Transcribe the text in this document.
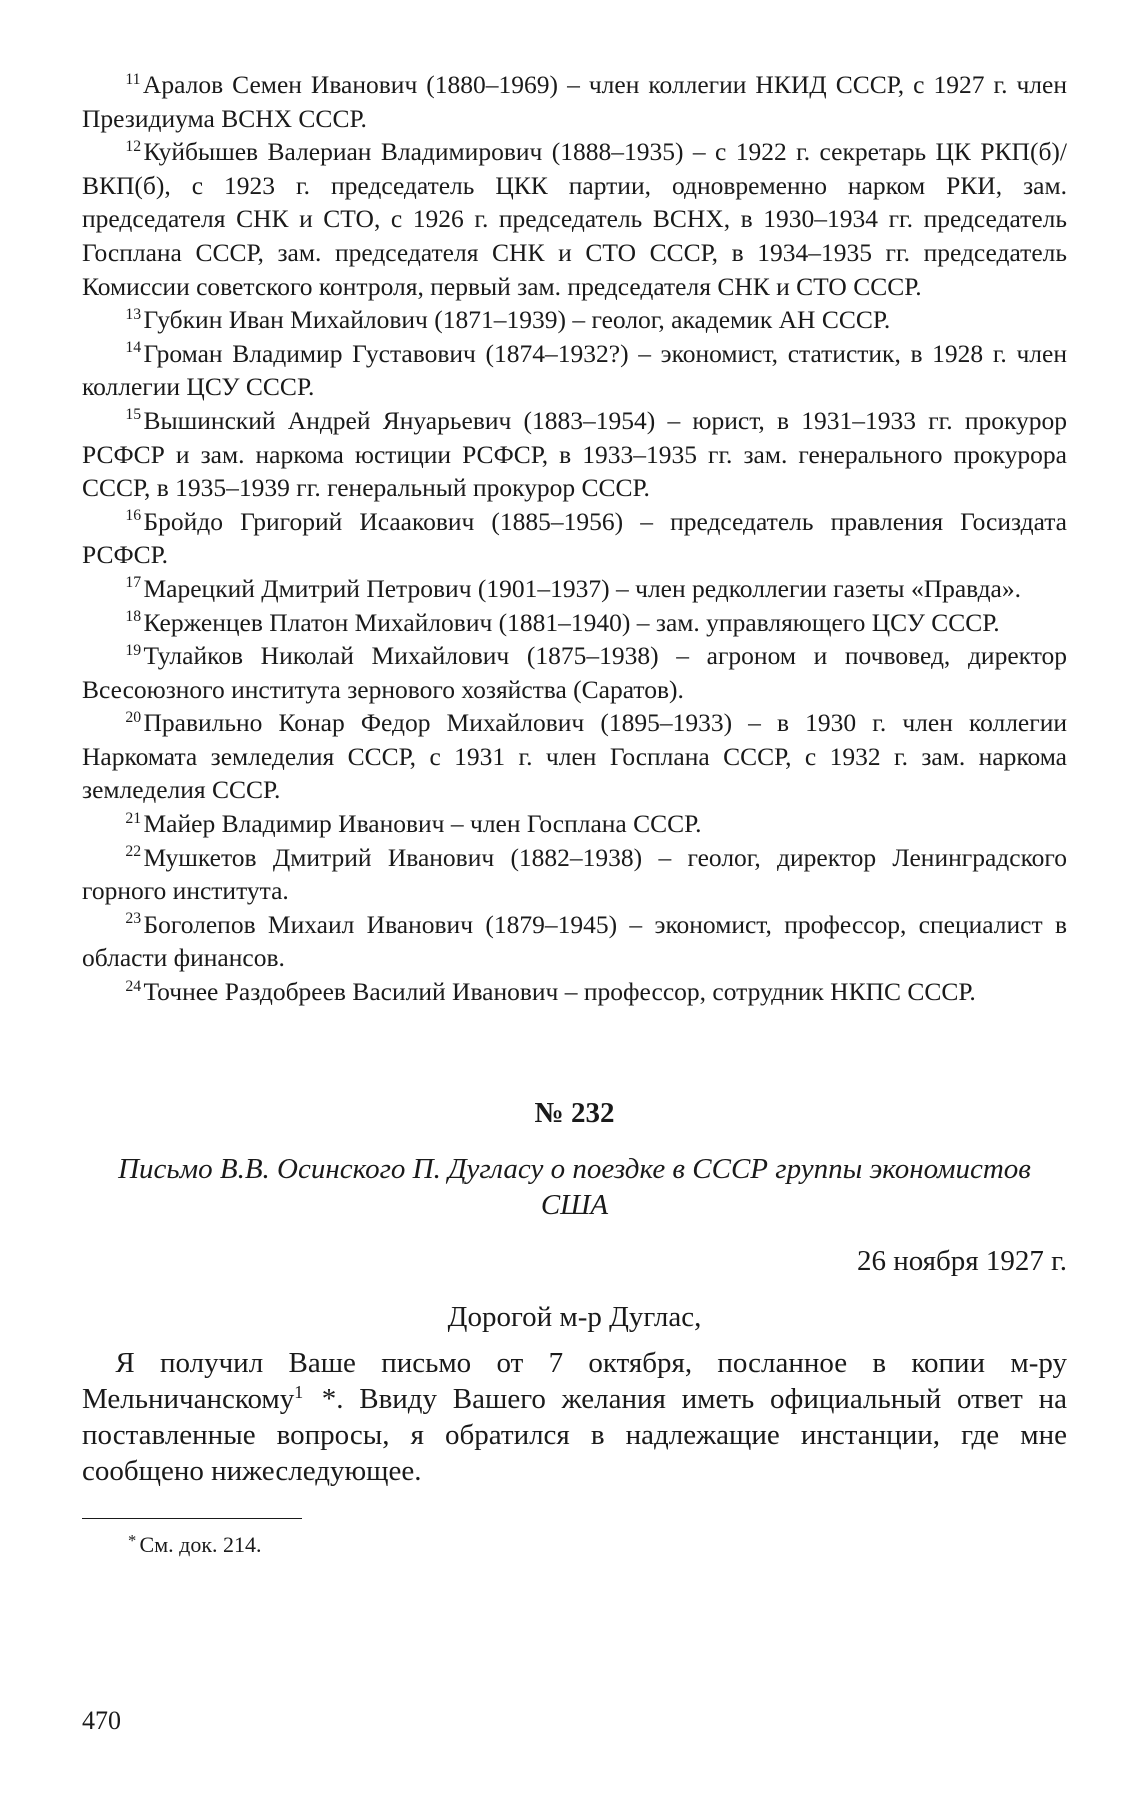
$^{11}$Аралов Семен Иванович (1880–1969) – член коллегии НКИД СССР, с 1927 г. член Президиума ВСНХ СССР.

$^{12}$Куйбышев Валериан Владимирович (1888–1935) – с 1922 г. секретарь ЦК РКП(б)/ВКП(б), с 1923 г. председатель ЦКК партии, одновременно нарком РКИ, зам. председателя СНК и СТО, с 1926 г. председатель ВСНХ, в 1930–1934 гг. председатель Госплана СССР, зам. председателя СНК и СТО СССР, в 1934–1935 гг. председатель Комиссии советского контроля, первый зам. председателя СНК и СТО СССР.

$^{13}$Губкин Иван Михайлович (1871–1939) – геолог, академик АН СССР.

$^{14}$Громан Владимир Густавович (1874–1932?) – экономист, статистик, в 1928 г. член коллегии ЦСУ СССР.

$^{15}$Вышинский Андрей Януарьевич (1883–1954) – юрист, в 1931–1933 гг. прокурор РСФСР и зам. наркома юстиции РСФСР, в 1933–1935 гг. зам. генерального прокурора СССР, в 1935–1939 гг. генеральный прокурор СССР.

$^{16}$Бройдо Григорий Исаакович (1885–1956) – председатель правления Госиздата РСФСР.

$^{17}$Марецкий Дмитрий Петрович (1901–1937) – член редколлегии газеты «Правда».

$^{18}$Керженцев Платон Михайлович (1881–1940) – зам. управляющего ЦСУ СССР.

$^{19}$Тулайков Николай Михайлович (1875–1938) – агроном и почвовед, директор Всесоюзного института зернового хозяйства (Саратов).

$^{20}$Правильно Конар Федор Михайлович (1895–1933) – в 1930 г. член коллегии Наркомата земледелия СССР, с 1931 г. член Госплана СССР, с 1932 г. зам. наркома земледелия СССР.

$^{21}$Майер Владимир Иванович – член Госплана СССР.

$^{22}$Мушкетов Дмитрий Иванович (1882–1938) – геолог, директор Ленинградского горного института.

$^{23}$Боголепов Михаил Иванович (1879–1945) – экономист, профессор, специалист в области финансов.

$^{24}$Точнее Раздобреев Василий Иванович – профессор, сотрудник НКПС СССР.

№ 232
Письмо В.В. Осинского П. Дугласу о поездке в СССР группы экономистов США
26 ноября 1927 г.
Дорогой м-р Дуглас,

Я получил Ваше письмо от 7 октября, посланное в копии м-ру Мельничанскому$^1$ *. Ввиду Вашего желания иметь официальный ответ на поставленные вопросы, я обратился в надлежащие инстанции, где мне сообщено нижеследующее.

* См. док. 214.
470
